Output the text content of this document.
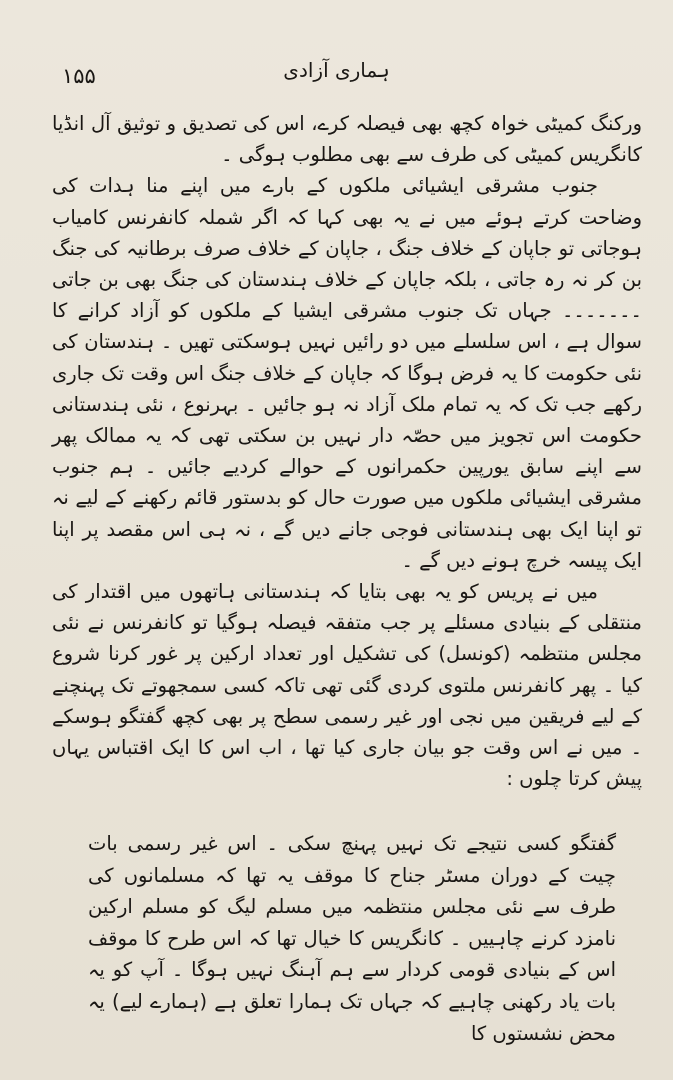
۱۵۵	ہماری آزادی

ورکنگ کمیٹی خواہ کچھ بھی فیصلہ کرے، اس کی تصدیق و توثیق آل انڈیا کانگریس کمیٹی کی طرف سے بھی مطلوب ہوگی ۔

جنوب مشرقی ایشیائی ملکوں کے بارے میں اپنے منا ہدات کی وضاحت کرتے ہوئے میں نے یہ بھی کہا کہ اگر شملہ کانفرنس کامیاب ہوجاتی تو جاپان کے خلاف جنگ ، جاپان کے خلاف صرف برطانیہ کی جنگ بن کر نہ رہ جاتی ، بلکہ جاپان کے خلاف ہندستان کی جنگ بھی بن جاتی ۔۔۔۔۔۔۔ جہاں تک جنوب مشرقی ایشیا کے ملکوں کو آزاد کرانے کا سوال ہے ، اس سلسلے میں دو رائیں نہیں ہوسکتی تھیں ۔ ہندستان کی نئی حکومت کا یہ فرض ہوگا کہ جاپان کے خلاف جنگ اس وقت تک جاری رکھے جب تک کہ یہ تمام ملک آزاد نہ ہو جائیں ۔ بہرنوع ، نئی ہندستانی حکومت اس تجویز میں حصّہ دار نہیں بن سکتی تھی کہ یہ ممالک پھر سے اپنے سابق یورپین حکمرانوں کے حوالے کردیے جائیں ۔ ہم جنوب مشرقی ایشیائی ملکوں میں صورت حال کو بدستور قائم رکھنے کے لیے نہ تو اپنا ایک بھی ہندستانی فوجی جانے دیں گے ، نہ ہی اس مقصد پر اپنا ایک پیسہ خرچ ہونے دیں گے ۔

میں نے پریس کو یہ بھی بتایا کہ ہندستانی ہاتھوں میں اقتدار کی منتقلی کے بنیادی مسئلے پر جب متفقہ فیصلہ ہوگیا تو کانفرنس نے نئی مجلس منتظمہ (کونسل) کی تشکیل اور تعداد ارکین پر غور کرنا شروع کیا ۔ پھر کانفرنس ملتوی کردی گئی تھی تاکہ کسی سمجھوتے تک پہنچنے کے لیے فریقین میں نجی اور غیر رسمی سطح پر بھی کچھ گفتگو ہوسکے ۔ میں نے اس وقت جو بیان جاری کیا تھا ، اب اس کا ایک اقتباس یہاں پیش کرتا چلوں :

گفتگو کسی نتیجے تک نہیں پہنچ سکی ۔ اس غیر رسمی بات چیت کے دوران مسٹر جناح کا موقف یہ تھا کہ مسلمانوں کی طرف سے نئی مجلس منتظمہ میں مسلم لیگ کو مسلم ارکین نامزد کرنے چاہییں ۔ کانگریس کا خیال تھا کہ اس طرح کا موقف اس کے بنیادی قومی کردار سے ہم آہنگ نہیں ہوگا ۔ آپ کو یہ بات یاد رکھنی چاہیے کہ جہاں تک ہمارا تعلق ہے (ہمارے لیے) یہ محض نشستوں کا
